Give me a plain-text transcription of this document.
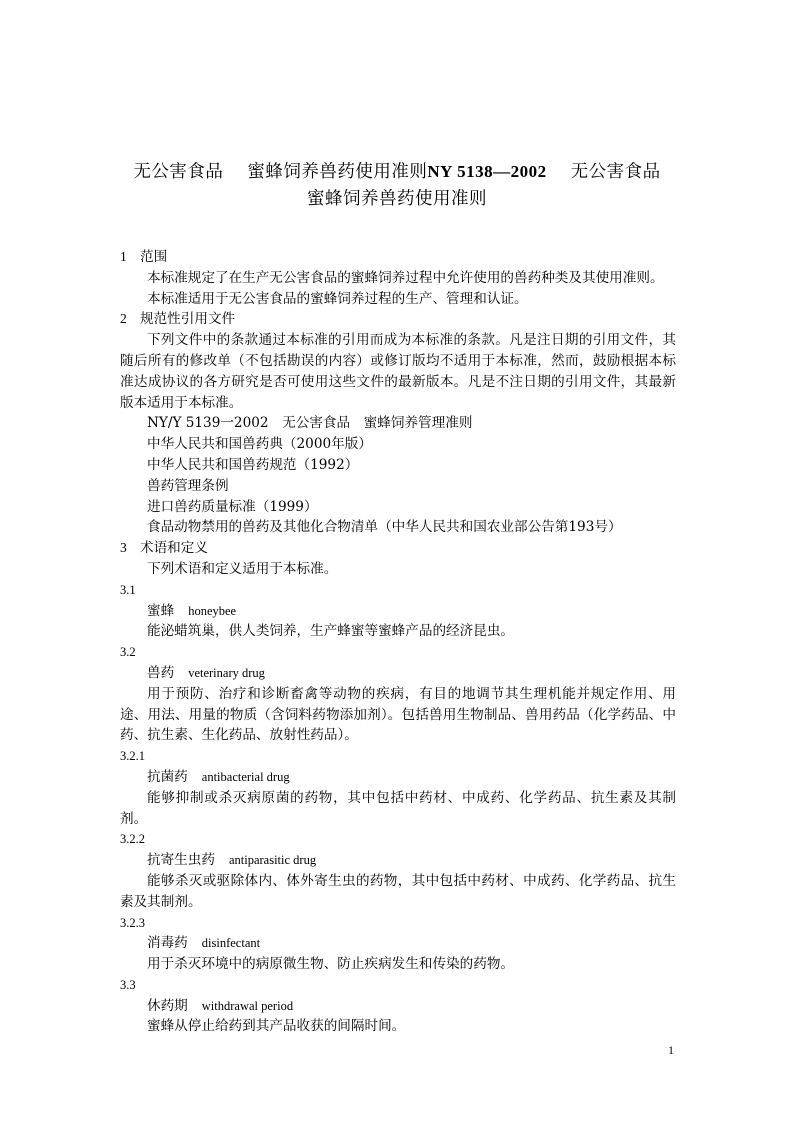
无公害食品 蜜蜂饲养兽药使用准则NY 5138—2002 无公害食品
蜜蜂饲养兽药使用准则
1 范围
本标准规定了在生产无公害食品的蜜蜂饲养过程中允许使用的兽药种类及其使用准则。
本标准适用于无公害食品的蜜蜂饲养过程的生产、管理和认证。
2 规范性引用文件
下列文件中的条款通过本标准的引用而成为本标准的条款。凡是注日期的引用文件，其随后所有的修改单（不包括勘误的内容）或修订版均不适用于本标准，然而，鼓励根据本标准达成协议的各方研究是否可使用这些文件的最新版本。凡是不注日期的引用文件，其最新版本适用于本标准。
NY/Y 5139一2002　无公害食品　蜜蜂饲养管理准则
中华人民共和国兽药典（2000年版）
中华人民共和国兽药规范（1992）
兽药管理条例
进口兽药质量标准（1999）
食品动物禁用的兽药及其他化合物清单（中华人民共和国农业部公告第193号）
3 术语和定义
下列术语和定义适用于本标准。
3.1
蜜蜂 honeybee
能泌蜡筑巢，供人类饲养，生产蜂蜜等蜜蜂产品的经济昆虫。
3.2
兽药 veterinary drug
用于预防、治疗和诊断畜禽等动物的疾病，有目的地调节其生理机能并规定作用、用途、用法、用量的物质（含饲料药物添加剂）。包括兽用生物制品、兽用药品（化学药品、中药、抗生素、生化药品、放射性药品）。
3.2.1
抗菌药 antibacterial drug
能够抑制或杀灭病原菌的药物，其中包括中药材、中成药、化学药品、抗生素及其制剂。
3.2.2
抗寄生虫药 antiparasitic drug
能够杀灭或驱除体内、体外寄生虫的药物，其中包括中药材、中成药、化学药品、抗生素及其制剂。
3.2.3
消毒药 disinfectant
用于杀灭环境中的病原微生物、防止疾病发生和传染的药物。
3.3
休药期 withdrawal period
蜜蜂从停止给药到其产品收获的间隔时间。
1
